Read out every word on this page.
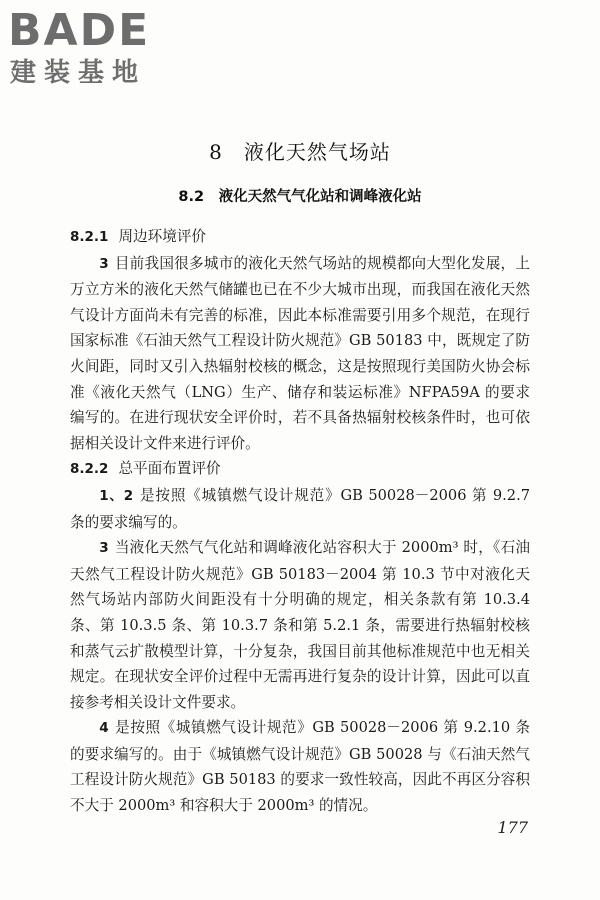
BADE
建装基地
8　液化天然气场站
8.2　液化天然气气化站和调峰液化站

8.2.1 周边环境评价

3 目前我国很多城市的液化天然气场站的规模都向大型化发展，上万立方米的液化天然气储罐也已在不少大城市出现，而我国在液化天然气设计方面尚未有完善的标准，因此本标准需要引用多个规范，在现行国家标准《石油天然气工程设计防火规范》GB 50183 中，既规定了防火间距，同时又引入热辐射校核的概念，这是按照现行美国防火协会标准《液化天然气（LNG）生产、储存和装运标准》NFPA59A 的要求编写的。在进行现状安全评价时，若不具备热辐射校核条件时，也可依据相关设计文件来进行评价。

8.2.2 总平面布置评价

1、2 是按照《城镇燃气设计规范》GB 50028－2006 第 9.2.7 条的要求编写的。

3 当液化天然气气化站和调峰液化站容积大于 2000m³ 时，《石油天然气工程设计防火规范》GB 50183－2004 第 10.3 节中对液化天然气场站内部防火间距没有十分明确的规定，相关条款有第 10.3.4 条、第 10.3.5 条、第 10.3.7 条和第 5.2.1 条，需要进行热辐射校核和蒸气云扩散模型计算，十分复杂，我国目前其他标准规范中也无相关规定。在现状安全评价过程中无需再进行复杂的设计计算，因此可以直接参考相关设计文件要求。

4 是按照《城镇燃气设计规范》GB 50028－2006 第 9.2.10 条的要求编写的。由于《城镇燃气设计规范》GB 50028 与《石油天然气工程设计防火规范》GB 50183 的要求一致性较高，因此不再区分容积不大于 2000m³ 和容积大于 2000m³ 的情况。

177
